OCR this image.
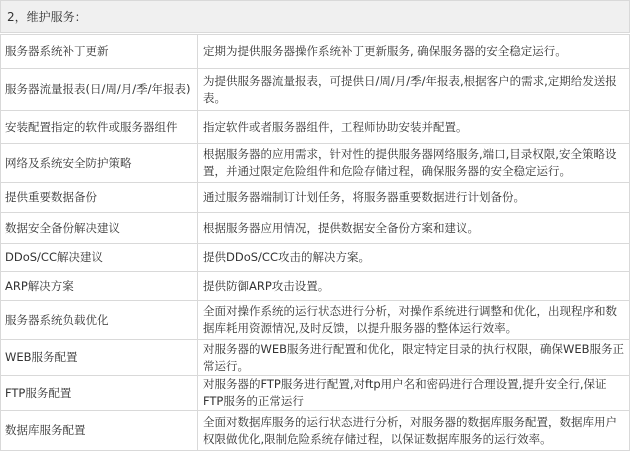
2，维护服务：
服务器系统补丁更新	定期为提供服务器操作系统补丁更新服务, 确保服务器的安全稳定运行。
服务器流量报表(日/周/月/季/年报表)	为提供服务器流量报表，可提供日/周/月/季/年报表,根据客户的需求,定期给发送报表。
安装配置指定的软件或服务器组件	指定软件或者服务器组件，工程师协助安装并配置。
网络及系统安全防护策略	根据服务器的应用需求，针对性的提供服务器网络服务,端口,目录权限,安全策略设置，并通过限定危险组件和危险存储过程，确保服务器的安全稳定运行。
提供重要数据备份	通过服务器端制订计划任务，将服务器重要数据进行计划备份。
数据安全备份解决建议	根据服务器应用情况，提供数据安全备份方案和建议。
DDoS/CC解决建议	提供DDoS/CC攻击的解决方案。
ARP解决方案	提供防御ARP攻击设置。
服务器系统负载优化	全面对操作系统的运行状态进行分析，对操作系统进行调整和优化，出现程序和数据库耗用资源情况,及时反馈，以提升服务器的整体运行效率。
WEB服务配置	对服务器的WEB服务进行配置和优化，限定特定目录的执行权限，确保WEB服务正常运行。
FTP服务配置	对服务器的FTP服务进行配置,对ftp用户名和密码进行合理设置,提升安全行,保证FTP服务的正常运行
数据库服务配置	全面对数据库服务的运行状态进行分析，对服务器的数据库服务配置，数据库用户权限做优化,限制危险系统存储过程，以保证数据库服务的运行效率。
